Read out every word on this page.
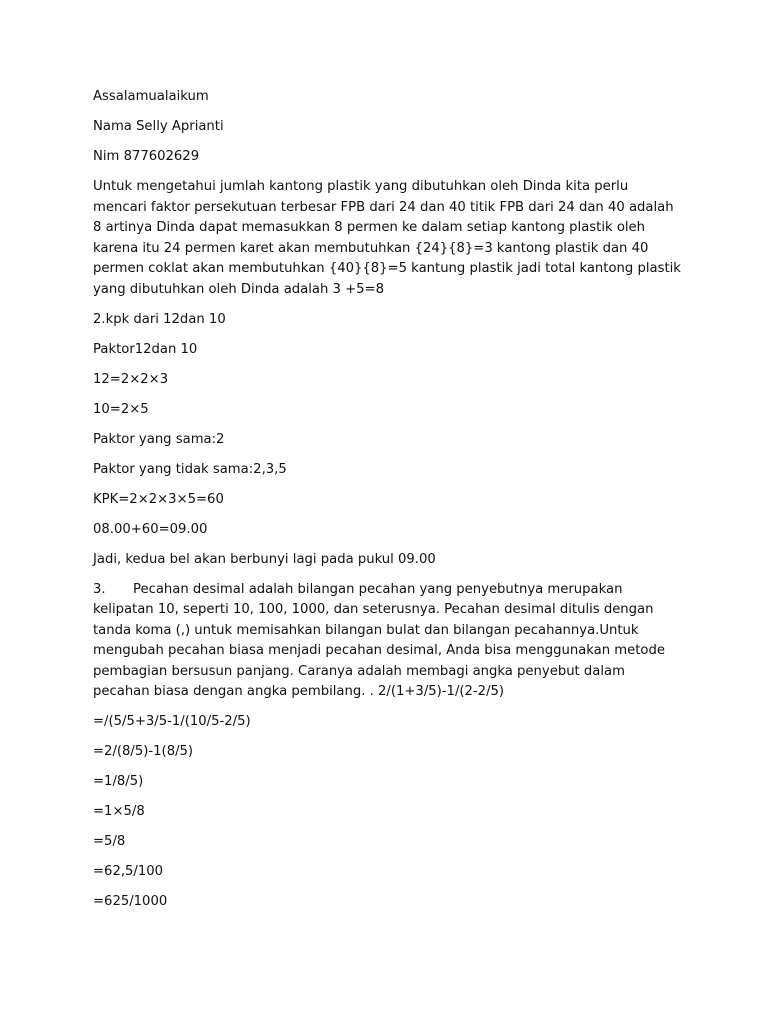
Assalamualaikum

Nama Selly Aprianti

Nim 877602629

Untuk mengetahui jumlah kantong plastik yang dibutuhkan oleh Dinda kita perlu
mencari faktor persekutuan terbesar FPB dari 24 dan 40 titik FPB dari 24 dan 40 adalah
8 artinya Dinda dapat memasukkan 8 permen ke dalam setiap kantong plastik oleh
karena itu 24 permen karet akan membutuhkan {24}{8}=3 kantong plastik dan 40
permen coklat akan membutuhkan {40}{8}=5 kantung plastik jadi total kantong plastik
yang dibutuhkan oleh Dinda adalah 3 +5=8

2.kpk dari 12dan 10

Paktor12dan 10

12=2×2×3

10=2×5

Paktor yang sama:2

Paktor yang tidak sama:2,3,5

KPK=2×2×3×5=60

08.00+60=09.00

Jadi, kedua bel akan berbunyi lagi pada pukul 09.00

3. Pecahan desimal adalah bilangan pecahan yang penyebutnya merupakan
kelipatan 10, seperti 10, 100, 1000, dan seterusnya. Pecahan desimal ditulis dengan
tanda koma (,) untuk memisahkan bilangan bulat dan bilangan pecahannya.Untuk
mengubah pecahan biasa menjadi pecahan desimal, Anda bisa menggunakan metode
pembagian bersusun panjang. Caranya adalah membagi angka penyebut dalam
pecahan biasa dengan angka pembilang. . 2/(1+3/5)-1/(2-2/5)

=/(5/5+3/5-1/(10/5-2/5)

=2/(8/5)-1(8/5)

=1/8/5)

=1×5/8

=5/8

=62,5/100

=625/1000
